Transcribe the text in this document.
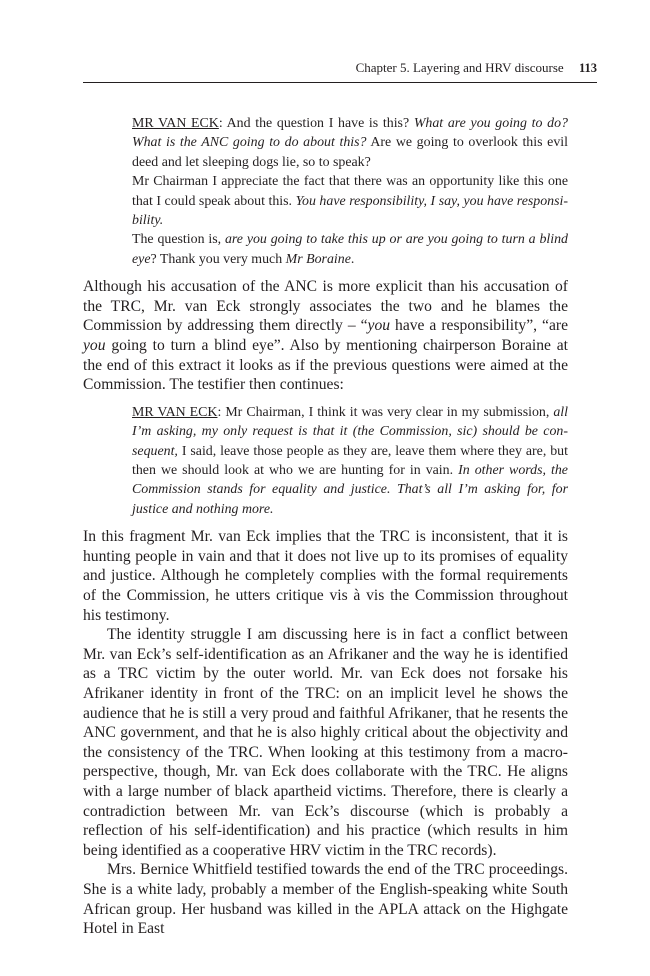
Chapter 5. Layering and HRV discourse 113

MR VAN ECK: And the question I have is this? What are you going to do? What is the ANC going to do about this? Are we going to overlook this evil deed and let sleeping dogs lie, so to speak?

Mr Chairman I appreciate the fact that there was an opportunity like this one that I could speak about this. You have responsibility, I say, you have responsibility.

The question is, are you going to take this up or are you going to turn a blind eye? Thank you very much Mr Boraine.

Although his accusation of the ANC is more explicit than his accusation of the TRC, Mr. van Eck strongly associates the two and he blames the Commission by addressing them directly – “you have a responsibility”, “are you going to turn a blind eye”. Also by mentioning chairperson Boraine at the end of this extract it looks as if the previous questions were aimed at the Commission. The testifier then continues:

MR VAN ECK: Mr Chairman, I think it was very clear in my submission, all I’m asking, my only request is that it (the Commission, sic) should be consequent, I said, leave those people as they are, leave them where they are, but then we should look at who we are hunting for in vain. In other words, the Commission stands for equality and justice. That’s all I’m asking for, for justice and nothing more.

In this fragment Mr. van Eck implies that the TRC is inconsistent, that it is hunting people in vain and that it does not live up to its promises of equality and justice. Although he completely complies with the formal requirements of the Commission, he utters critique vis à vis the Commission throughout his testimony.

The identity struggle I am discussing here is in fact a conflict between Mr. van Eck’s self-identification as an Afrikaner and the way he is identified as a TRC victim by the outer world. Mr. van Eck does not forsake his Afrikaner identity in front of the TRC: on an implicit level he shows the audience that he is still a very proud and faithful Afrikaner, that he resents the ANC government, and that he is also highly critical about the objectivity and the consistency of the TRC. When looking at this testimony from a macro-perspective, though, Mr. van Eck does collaborate with the TRC. He aligns with a large number of black apartheid victims. Therefore, there is clearly a contradiction between Mr. van Eck’s discourse (which is probably a reflection of his self-identification) and his practice (which results in him being identified as a cooperative HRV victim in the TRC records).

Mrs. Bernice Whitfield testified towards the end of the TRC proceedings. She is a white lady, probably a member of the English-speaking white South African group. Her husband was killed in the APLA attack on the Highgate Hotel in East
